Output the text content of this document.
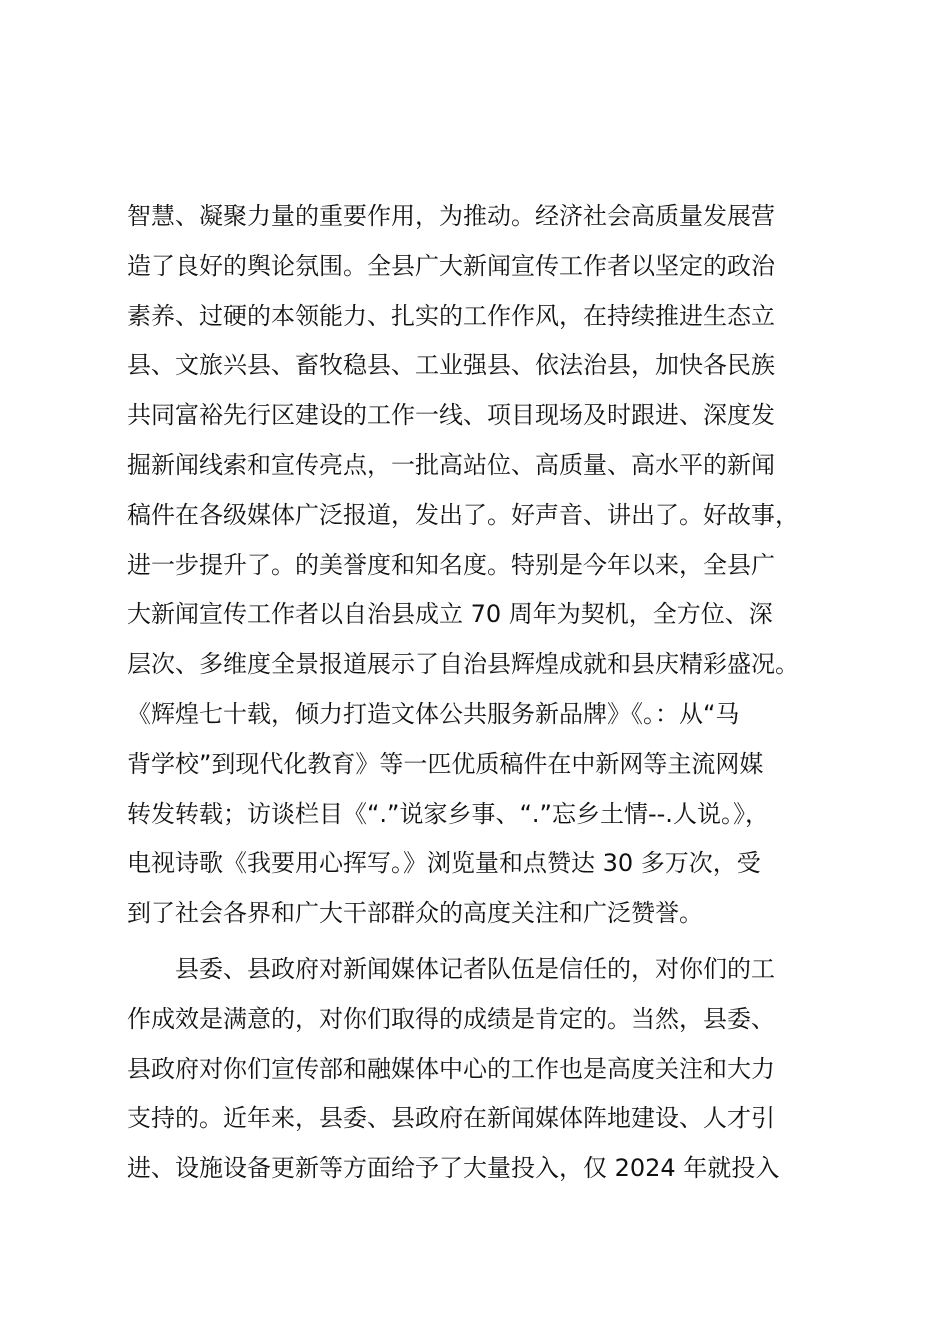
智慧、凝聚力量的重要作用，为推动。经济社会高质量发展营
造了良好的舆论氛围。全县广大新闻宣传工作者以坚定的政治
素养、过硬的本领能力、扎实的工作作风，在持续推进生态立
县、文旅兴县、畜牧稳县、工业强县、依法治县，加快各民族
共同富裕先行区建设的工作一线、项目现场及时跟进、深度发
掘新闻线索和宣传亮点，一批高站位、高质量、高水平的新闻
稿件在各级媒体广泛报道，发出了。好声音、讲出了。好故事，
进一步提升了。的美誉度和知名度。特别是今年以来，全县广
大新闻宣传工作者以自治县成立 70 周年为契机，全方位、深
层次、多维度全景报道展示了自治县辉煌成就和县庆精彩盛况。
《辉煌七十载，倾力打造文体公共服务新品牌》《。：从“马
背学校”到现代化教育》等一匹优质稿件在中新网等主流网媒
转发转载；访谈栏目《“.”说家乡事、“.”忘乡土情--.人说。》，
电视诗歌《我要用心挥写。》浏览量和点赞达 30 多万次，受
到了社会各界和广大干部群众的高度关注和广泛赞誉。
县委、县政府对新闻媒体记者队伍是信任的，对你们的工
作成效是满意的，对你们取得的成绩是肯定的。当然，县委、
县政府对你们宣传部和融媒体中心的工作也是高度关注和大力
支持的。近年来，县委、县政府在新闻媒体阵地建设、人才引
进、设施设备更新等方面给予了大量投入，仅 2024 年就投入
